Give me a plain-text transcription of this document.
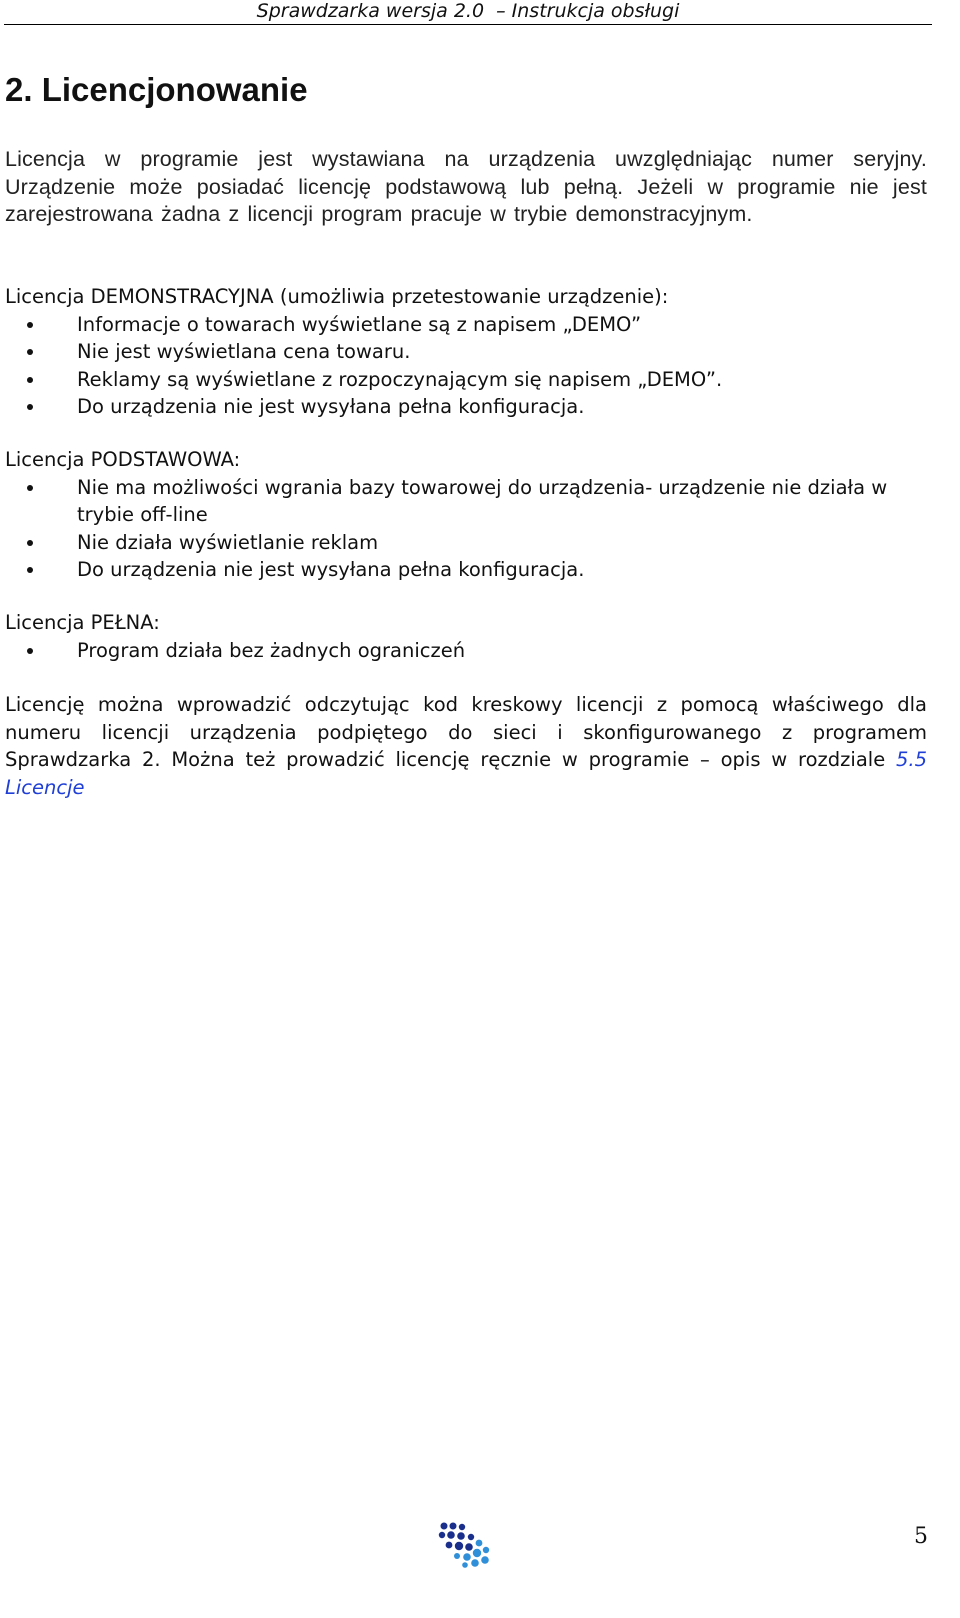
Sprawdzarka wersja 2.0  – Instrukcja obsługi
2. Licencjonowanie

Licencja w programie jest wystawiana na urządzenia uwzględniając numer seryjny. Urządzenie może posiadać licencję podstawową lub pełną. Jeżeli w programie nie jest zarejestrowana żadna z licencji program pracuje w trybie demonstracyjnym.

Licencja DEMONSTRACYJNA (umożliwia przetestowanie urządzenie):
Informacje o towarach wyświetlane są z napisem „DEMO”
Nie jest wyświetlana cena towaru.
Reklamy są wyświetlane z rozpoczynającym się napisem „DEMO”.
Do urządzenia nie jest wysyłana pełna konfiguracja.
Licencja PODSTAWOWA:
Nie ma możliwości wgrania bazy towarowej do urządzenia- urządzenie nie działa w trybie off-line
Nie działa wyświetlanie reklam
Do urządzenia nie jest wysyłana pełna konfiguracja.
Licencja PEŁNA:
Program działa bez żadnych ograniczeń

Licencję można wprowadzić odczytując kod kreskowy licencji z pomocą właściwego dla numeru licencji urządzenia podpiętego do sieci i skonfigurowanego z programem Sprawdzarka 2. Można też prowadzić licencję ręcznie w programie – opis w rozdziale 5.5 Licencje

5
